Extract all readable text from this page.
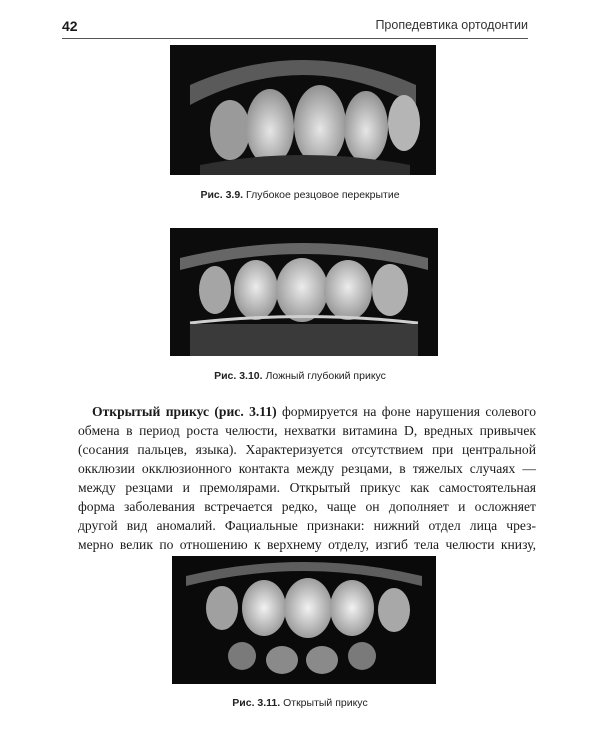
42	Пропедевтика ортодонтии
Рис. 3.9. Глубокое резцовое перекрытие
Рис. 3.10. Ложный глубокий прикус
Открытый прикус (рис. 3.11) формируется на фоне нарушения солевого
обмена в период роста челюсти, нехватки витамина D, вредных привычек
(сосания пальцев, языка). Характеризуется отсутствием при центральной
окклюзии окклюзионного контакта между резцами, в тяжелых случаях —
между резцами и премолярами. Открытый прикус как самостоятельная
форма заболевания встречается редко, чаще он дополняет и осложняет
другой вид аномалий. Фациальные признаки: нижний отдел лица чрез-
мерно велик по отношению к верхнему отделу, изгиб тела челюсти книзу,
Рис. 3.11. Открытый прикус
